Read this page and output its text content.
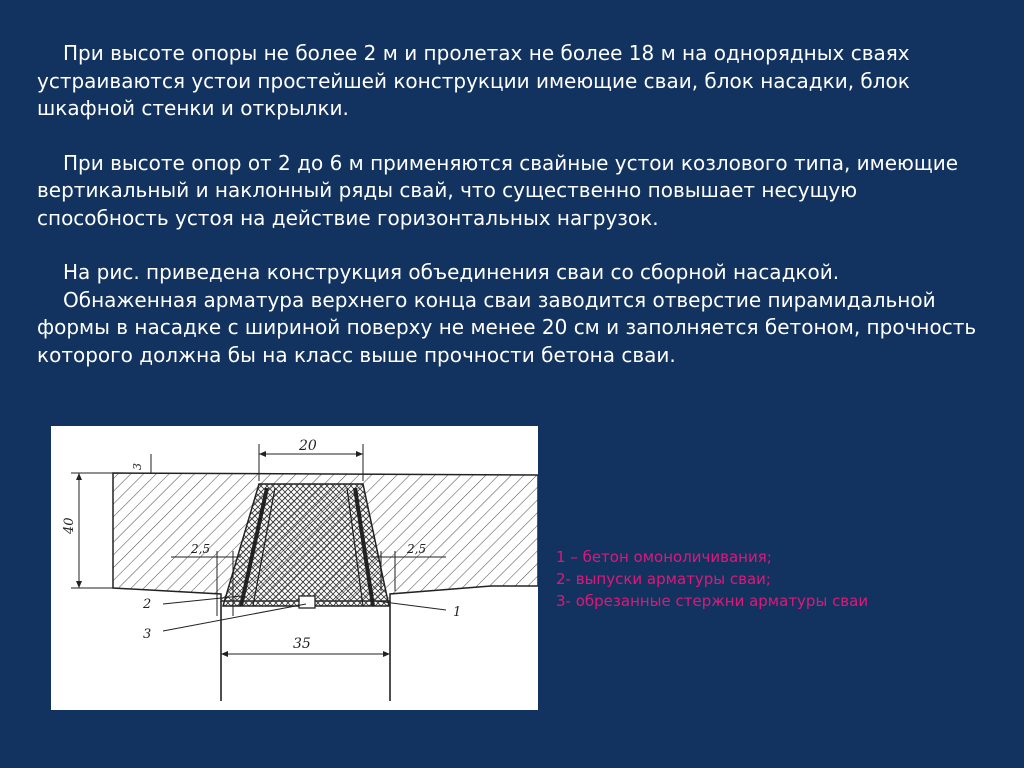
При высоте опоры не более 2 м и пролетах не более 18 м на однорядных сваях устраиваются устои простейшей конструкции имеющие сваи, блок насадки, блок шкафной стенки и открылки.

При высоте опор от 2 до 6 м применяются свайные устои козлового типа, имеющие вертикальный и наклонный ряды свай, что существенно повышает несущую способность устоя на действие горизонтальных нагрузок.

На рис. приведена конструкция объединения сваи со сборной насадкой.

Обнаженная арматура верхнего конца сваи заводится отверстие пирамидальной формы в насадке с шириной поверху не менее 20 см и заполняется бетоном, прочность которого должна бы на класс выше прочности бетона сваи.

20
40
3
2,5	2,5
35
2
3
1
1 – бетон омоноличивания;
2- выпуски арматуры сваи;
3- обрезанные стержни арматуры сваи
